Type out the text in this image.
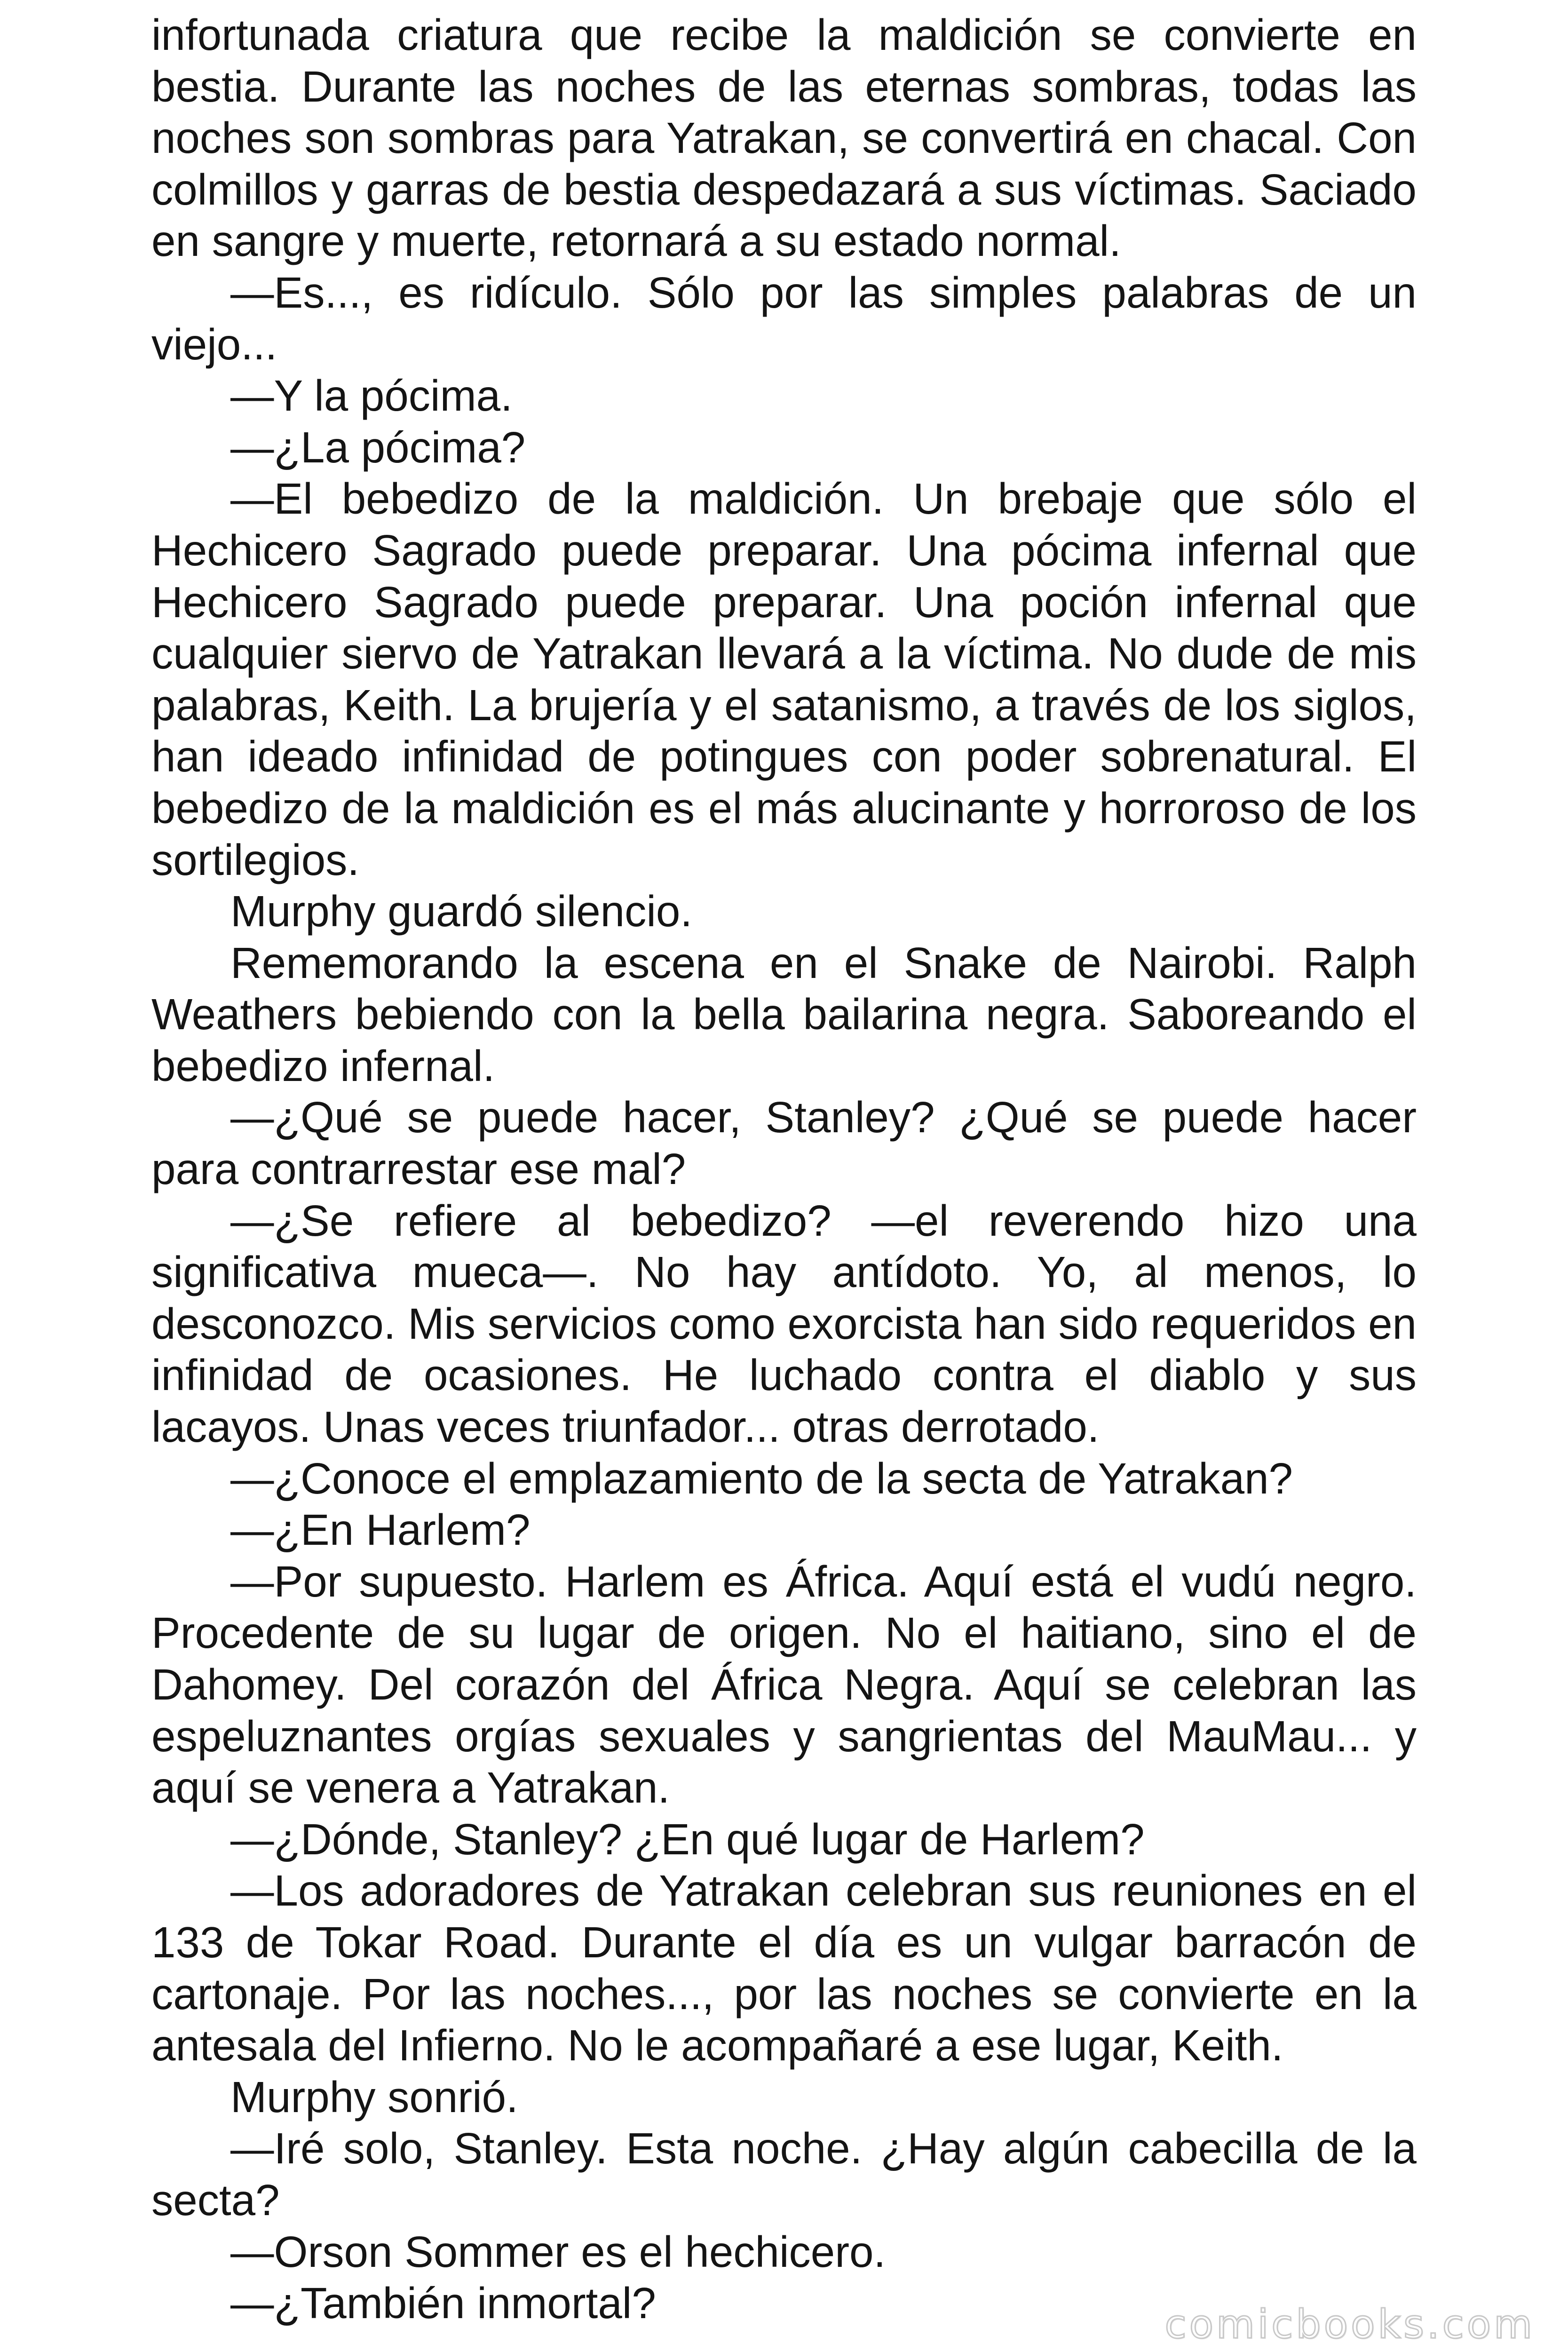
infortunada criatura que recibe la maldición se convierte en bestia. Durante las noches de las eternas sombras, todas las noches son sombras para Yatrakan, se convertirá en chacal. Con colmillos y garras de bestia despedazará a sus víctimas. Saciado en sangre y muerte, retornará a su estado normal.

—Es..., es ridículo. Sólo por las simples palabras de un viejo...

—Y la pócima.

—¿La pócima?

—El bebedizo de la maldición. Un brebaje que sólo el Hechicero Sagrado puede preparar. Una pócima infernal que Hechicero Sagrado puede preparar. Una poción infernal que cualquier siervo de Yatrakan llevará a la víctima. No dude de mis palabras, Keith. La brujería y el satanismo, a través de los siglos, han ideado infinidad de potingues con poder sobrenatural. El bebedizo de la maldición es el más alucinante y horroroso de los sortilegios.

Murphy guardó silencio.

Rememorando la escena en el Snake de Nairobi. Ralph Weathers bebiendo con la bella bailarina negra. Saboreando el bebedizo infernal.

—¿Qué se puede hacer, Stanley? ¿Qué se puede hacer para contrarrestar ese mal?

—¿Se refiere al bebedizo? —el reverendo hizo una significativa mueca—. No hay antídoto. Yo, al menos, lo desconozco. Mis servicios como exorcista han sido requeridos en infinidad de ocasiones. He luchado contra el diablo y sus lacayos. Unas veces triunfador... otras derrotado.

—¿Conoce el emplazamiento de la secta de Yatrakan?

—¿En Harlem?

—Por supuesto. Harlem es África. Aquí está el vudú negro. Procedente de su lugar de origen. No el haitiano, sino el de Dahomey. Del corazón del África Negra. Aquí se celebran las espeluznantes orgías sexuales y sangrientas del MauMau... y aquí se venera a Yatrakan.

—¿Dónde, Stanley? ¿En qué lugar de Harlem?

—Los adoradores de Yatrakan celebran sus reuniones en el 133 de Tokar Road. Durante el día es un vulgar barracón de cartonaje. Por las noches..., por las noches se convierte en la antesala del Infierno. No le acompañaré a ese lugar, Keith.

Murphy sonrió.

—Iré solo, Stanley. Esta noche. ¿Hay algún cabecilla de la secta?

—Orson Sommer es el hechicero.

—¿También inmortal?	comicbooks.com
